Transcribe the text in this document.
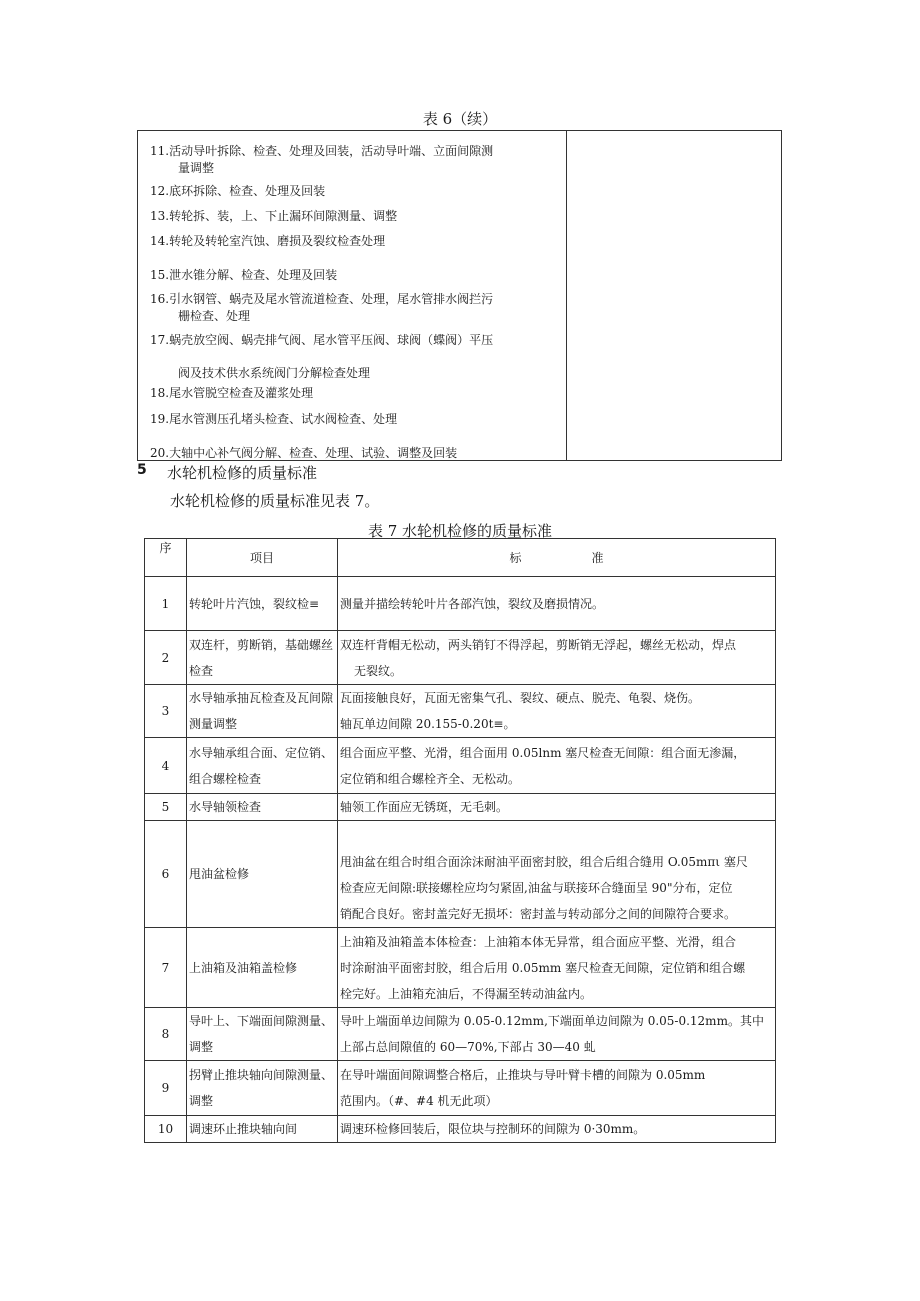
表 6（续）
11.活动导叶拆除、检查、处理及回装，活动导叶端、立面间隙测
量调整
12.底环拆除、检查、处理及回装
13.转轮拆、装，上、下止漏环间隙测量、调整
14.转轮及转轮室汽蚀、磨损及裂纹检查处理
15.泄水锥分解、检查、处理及回装
16.引水钢管、蜗壳及尾水管流道检查、处理，尾水管排水阀拦污
栅检查、处理
17.蜗壳放空阀、蜗壳排气阀、尾水管平压阀、球阀（蝶阀）平压
阀及技术供水系统阀门分解检查处理
18.尾水管脱空检查及灌浆处理
19.尾水管测压孔堵头检查、试水阀检查、处理
20.大轴中心补气阀分解、检查、处理、试验、调整及回装
5 水轮机检修的质量标准
水轮机检修的质量标准见表 7。
表 7 水轮机检修的质量标准
序	项目	标 准
1	转轮叶片汽蚀，裂纹检≡	测量并描绘转轮叶片各部汽蚀，裂纹及磨损情况。

2	双连杆，剪断销，基础螺丝检查	双连杆背帽无松动，两头销钉不得浮起，剪断销无浮起，螺丝无松动，焊点
无裂纹。

3	水导轴承抽瓦检查及瓦间隙测量调整	瓦面接触良好，瓦面无密集气孔、裂纹、硬点、脱壳、龟裂、烧伤。
轴瓦单边间隙 20.155-0.20t≡。

4	水导轴承组合面、定位销、组合螺栓检查	组合面应平整、光滑，组合面用 0.05lnm 塞尺检查无间隙：组合面无渗漏，
定位销和组合螺栓齐全、无松动。

5	水导轴领检查	轴领工作面应无锈斑，无毛刺。

6	甩油盆检修	甩油盆在组合时组合面涂沫耐油平面密封胶，组合后组合缝用 O.05mπι 塞尺
检查应无间隙:联接螺栓应均匀紧固,油盆与联接环合缝面呈 90"分布，定位
销配合良好。密封盖完好无损坏：密封盖与转动部分之间的间隙符合要求。

7	上油箱及油箱盖检修	上油箱及油箱盖本体检查：上油箱本体无异常，组合面应平整、光滑，组合
时涂耐油平面密封胶，组合后用 0.05mm 塞尺检查无间隙，定位销和组合螺
栓完好。上油箱充油后，不得漏至转动油盆内。

8	导叶上、下端面间隙测量、调整	导叶上端面单边间隙为 0.05-0.12mm,下端面单边间隙为 0.05-0.12mm。其中
上部占总间隙值的 60—70%,下部占 30—40 虬

9	拐臂止推块轴向间隙测量、调整	在导叶端面间隙调整合格后，止推块与导叶臂卡槽的间隙为 0.05mm
范围内。（#、#4 机无此项）

10	调速环止推块轴向间	调速环检修回装后，限位块与控制环的间隙为 0·30mm。
